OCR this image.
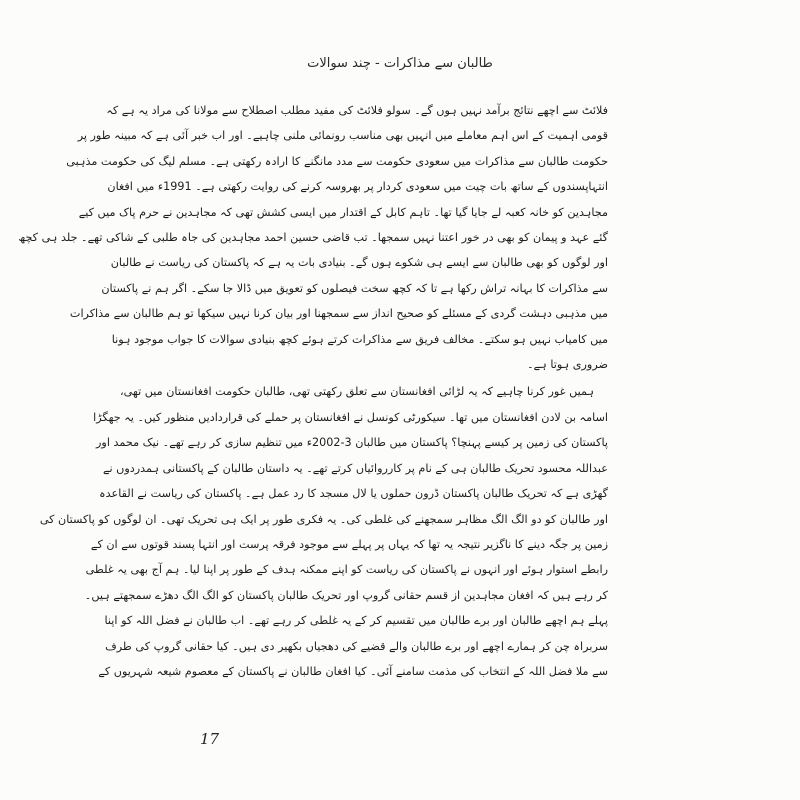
طالبان سے مذاکرات - چند سوالات
فلائٹ سے اچھے نتائج برآمد نہیں ہوں گے۔ سولو فلائٹ کی مفید مطلب اصطلاح سے مولانا کی مراد یہ ہے کہ
قومی اہمیت کے اس اہم معاملے میں انہیں بھی مناسب رونمائی ملنی چاہیے۔ اور اب خبر آئی ہے کہ مبینہ طور پر
حکومت طالبان سے مذاکرات میں سعودی حکومت سے مدد مانگنے کا ارادہ رکھتی ہے۔ مسلم لیگ کی حکومت مذہبی
انتہاپسندوں کے ساتھ بات چیت میں سعودی کردار پر بھروسہ کرنے کی روایت رکھتی ہے۔ 1991ء میں افغان
مجاہدین کو خانہ کعبہ لے جایا گیا تھا۔ تاہم کابل کے اقتدار میں ایسی کشش تھی کہ مجاہدین نے حرم پاک میں کیے
گئے عہد و پیمان کو بھی در خور اعتنا نہیں سمجھا۔ تب قاضی حسین احمد مجاہدین کی جاہ طلبی کے شاکی تھے۔ جلد ہی کچھ
اور لوگوں کو بھی طالبان سے ایسے ہی شکوے ہوں گے۔ بنیادی بات یہ ہے کہ پاکستان کی ریاست نے طالبان
سے مذاکرات کا بہانہ تراش رکھا ہے تا کہ کچھ سخت فیصلوں کو تعویق میں ڈالا جا سکے۔ اگر ہم نے پاکستان
میں مذہبی دہشت گردی کے مسئلے کو صحیح انداز سے سمجھنا اور بیان کرنا نہیں سیکھا تو ہم طالبان سے مذاکرات
میں کامیاب نہیں ہو سکتے۔ مخالف فریق سے مذاکرات کرتے ہوئے کچھ بنیادی سوالات کا جواب موجود ہونا
ضروری ہوتا ہے۔
ہمیں غور کرنا چاہیے کہ یہ لڑائی افغانستان سے تعلق رکھتی تھی، طالبان حکومت افغانستان میں تھی،
اسامہ بن لادن افغانستان میں تھا۔ سیکورٹی کونسل نے افغانستان پر حملے کی قراردادیں منظور کیں۔ یہ جھگڑا
پاکستان کی زمین پر کیسے پہنچا؟ پاکستان میں طالبان 3-2002ء میں تنظیم سازی کر رہے تھے۔ نیک محمد اور
عبداللہ محسود تحریک طالبان ہی کے نام پر کارروائیاں کرتے تھے۔ یہ داستان طالبان کے پاکستانی ہمدردوں نے
گھڑی ہے کہ تحریک طالبان پاکستان ڈرون حملوں یا لال مسجد کا رد عمل ہے۔ پاکستان کی ریاست نے القاعدہ
اور طالبان کو دو الگ الگ مظاہر سمجھنے کی غلطی کی۔ یہ فکری طور پر ایک ہی تحریک تھی۔ ان لوگوں کو پاکستان کی
زمین پر جگہ دینے کا ناگزیر نتیجہ یہ تھا کہ یہاں پر پہلے سے موجود فرقہ پرست اور انتہا پسند قوتوں سے ان کے
رابطے استوار ہوئے اور انہوں نے پاکستان کی ریاست کو اپنے ممکنہ ہدف کے طور پر اپنا لیا۔ ہم آج بھی یہ غلطی
کر رہے ہیں کہ افغان مجاہدین از قسم حقانی گروپ اور تحریک طالبان پاکستان کو الگ الگ دھڑے سمجھتے ہیں۔
پہلے ہم اچھے طالبان اور برے طالبان میں تقسیم کر کے یہ غلطی کر رہے تھے۔ اب طالبان نے فضل اللہ کو اپنا
سربراہ چن کر ہمارے اچھے اور برے طالبان والے قضیے کی دھجیاں بکھیر دی ہیں۔ کیا حقانی گروپ کی طرف
سے ملا فضل اللہ کے انتخاب کی مذمت سامنے آئی۔ کیا افغان طالبان نے پاکستان کے معصوم شیعہ شہریوں کے
17
